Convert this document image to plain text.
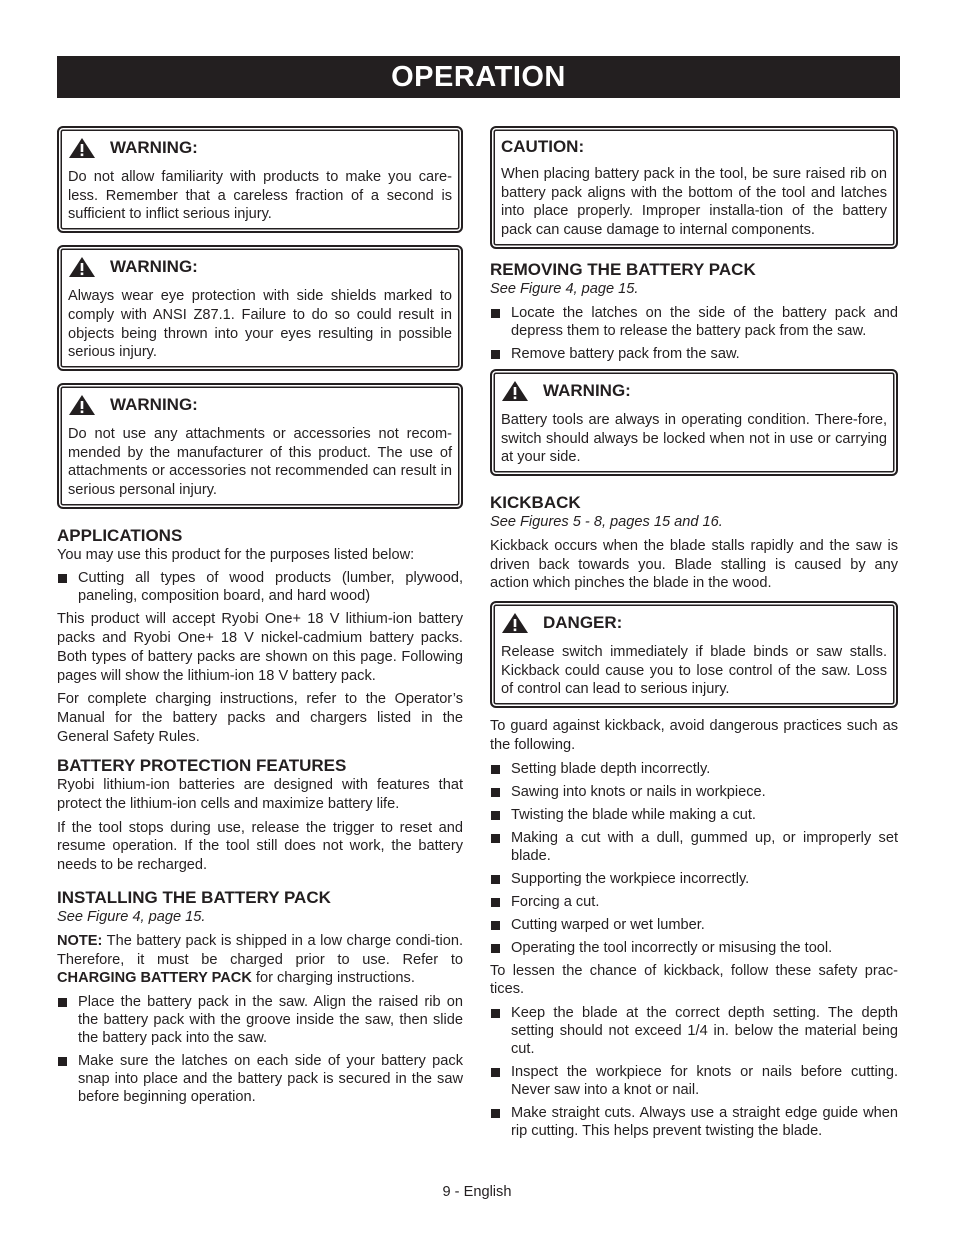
OPERATION
WARNING:

Do not allow familiarity with products to make you care-less. Remember that a careless fraction of a second is sufficient to inflict serious injury.

WARNING:

Always wear eye protection with side shields marked to comply with ANSI Z87.1. Failure to do so could result in objects being thrown into your eyes resulting in possible serious injury.

WARNING:

Do not use any attachments or accessories not recom-mended by the manufacturer of this product. The use of attachments or accessories not recommended can result in serious personal injury.

APPLICATIONS

You may use this product for the purposes listed below:

Cutting all types of wood products (lumber, plywood, paneling, composition board, and hard wood)

This product will accept Ryobi One+ 18 V lithium-ion battery packs and Ryobi One+ 18 V nickel-cadmium battery packs. Both types of battery packs are shown on this page. Following pages will show the lithium-ion 18 V battery pack.

For complete charging instructions, refer to the Operator’s Manual for the battery packs and chargers listed in the General Safety Rules.

BATTERY PROTECTION FEATURES

Ryobi lithium-ion batteries are designed with features that protect the lithium-ion cells and maximize battery life.

If the tool stops during use, release the trigger to reset and resume operation. If the tool still does not work, the battery needs to be recharged.

INSTALLING THE BATTERY PACK

See Figure 4, page 15.

NOTE: The battery pack is shipped in a low charge condi-tion. Therefore, it must be charged prior to use. Refer to CHARGING BATTERY PACK for charging instructions.

Place the battery pack in the saw. Align the raised rib on the battery pack with the groove inside the saw, then slide the battery pack into the saw.
Make sure the latches on each side of your battery pack snap into place and the battery pack is secured in the saw before beginning operation.
CAUTION:

When placing battery pack in the tool, be sure raised rib on battery pack aligns with the bottom of the tool and latches into place properly. Improper installa-tion of the battery pack can cause damage to internal components.

REMOVING THE BATTERY PACK

See Figure 4, page 15.

Locate the latches on the side of the battery pack and depress them to release the battery pack from the saw.
Remove battery pack from the saw.
WARNING:

Battery tools are always in operating condition. There-fore, switch should always be locked when not in use or carrying at your side.

KICKBACK

See Figures 5 - 8, pages 15 and 16.

Kickback occurs when the blade stalls rapidly and the saw is driven back towards you. Blade stalling is caused by any action which pinches the blade in the wood.

DANGER:

Release switch immediately if blade binds or saw stalls. Kickback could cause you to lose control of the saw. Loss of control can lead to serious injury.

To guard against kickback, avoid dangerous practices such as the following.

Setting blade depth incorrectly.
Sawing into knots or nails in workpiece.
Twisting the blade while making a cut.
Making a cut with a dull, gummed up, or improperly set blade.
Supporting the workpiece incorrectly.
Forcing a cut.
Cutting warped or wet lumber.
Operating the tool incorrectly or misusing the tool.

To lessen the chance of kickback, follow these safety prac-tices.

Keep the blade at the correct depth setting. The depth setting should not exceed 1/4 in. below the material being cut.
Inspect the workpiece for knots or nails before cutting. Never saw into a knot or nail.
Make straight cuts. Always use a straight edge guide when rip cutting. This helps prevent twisting the blade.
9 - English
